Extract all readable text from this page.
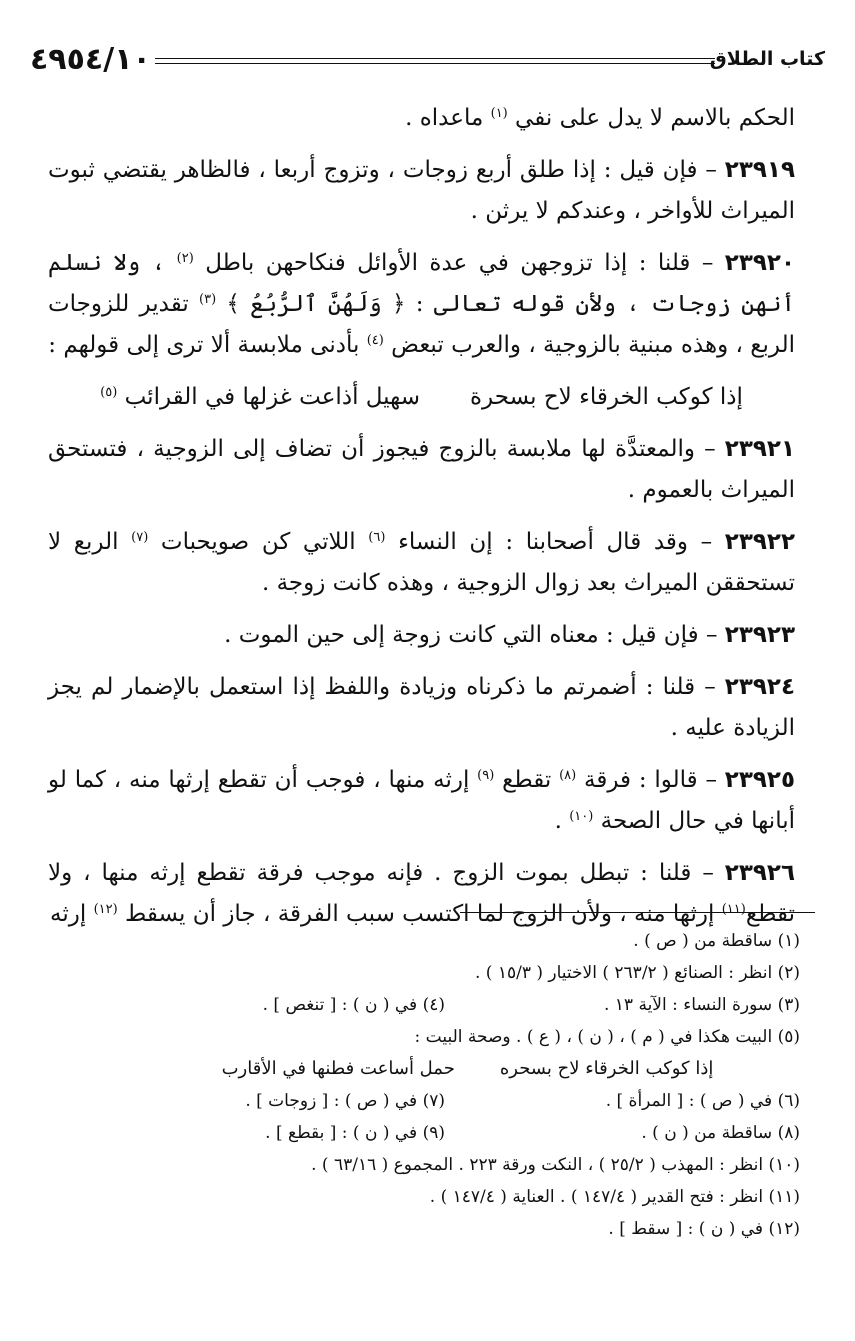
كتاب الطلاق
٤٩٥٤/١٠

الحكم بالاسم لا يدل على نفي $^{(١)}$ ماعداه .

٢٣٩١٩ – فإن قيل : إذا طلق أربع زوجات ، وتزوج أربعا ، فالظاهر يقتضي ثبوت الميراث للأواخر ، وعندكم لا يرثن .

٢٣٩٢٠ – قلنا : إذا تزوجهن في عدة الأوائل فنكاحهن باطل $^{(٢)}$ ، ولا نسلم أنهن زوجات ، ولأن قوله تعالى : ﴿ وَلَهُنَّ ٱلرُّبُعُ ﴾ $^{(٣)}$ تقدير للزوجات الربع ، وهذه مبنية بالزوجية ، والعرب تبعض $^{(٤)}$ بأدنى ملابسة ألا ترى إلى قولهم :

إذا كوكب الخرقاء لاح بسحرةسهيل أذاعت غزلها في القرائب $^{(٥)}$

٢٣٩٢١ – والمعتدَّة لها ملابسة بالزوج فيجوز أن تضاف إلى الزوجية ، فتستحق الميراث بالعموم .

٢٣٩٢٢ – وقد قال أصحابنا : إن النساء $^{(٦)}$ اللاتي كن صويحبات $^{(٧)}$ الربع لا تستحققن الميراث بعد زوال الزوجية ، وهذه كانت زوجة .

٢٣٩٢٣ – فإن قيل : معناه التي كانت زوجة إلى حين الموت .

٢٣٩٢٤ – قلنا : أضمرتم ما ذكرناه وزيادة واللفظ إذا استعمل بالإضمار لم يجز الزيادة عليه .

٢٣٩٢٥ – قالوا : فرقة $^{(٨)}$ تقطع $^{(٩)}$ إرثه منها ، فوجب أن تقطع إرثها منه ، كما لو أبانها في حال الصحة $^{(١٠)}$ .

٢٣٩٢٦ – قلنا : تبطل بموت الزوج . فإنه موجب فرقة تقطع إرثه منها ، ولا تقطع$^{(١١)}$ إرثها منه ، ولأن الزوج لما اكتسب سبب الفرقة ، جاز أن يسقط $^{(١٢)}$ إرثه

(١) ساقطة من ( ص ) .
(٢) انظر : الصنائع ( ٢٦٣/٢ ) الاختيار ( ١٥/٣ ) .
(٣) سورة النساء : الآية ١٣ .
(٤) في ( ن ) : [ تنغص ] .
(٥) البيت هكذا في ( م ) ، ( ن ) ، ( ع ) . وصحة البيت :
إذا كوكب الخرقاء لاح بسحرهحمل أساعت فطنها في الأقارب
(٦) في ( ص ) : [ المرأة ] .
(٧) في ( ص ) : [ زوجات ] .
(٨) ساقطة من ( ن ) .
(٩) في ( ن ) : [ بقطع ] .
(١٠) انظر : المهذب ( ٢٥/٢ ) ، النكت ورقة ٢٢٣ . المجموع ( ٦٣/١٦ ) .
(١١) انظر : فتح القدير ( ١٤٧/٤ ) . العناية ( ١٤٧/٤ ) .
(١٢) في ( ن ) : [ سقط ] .
